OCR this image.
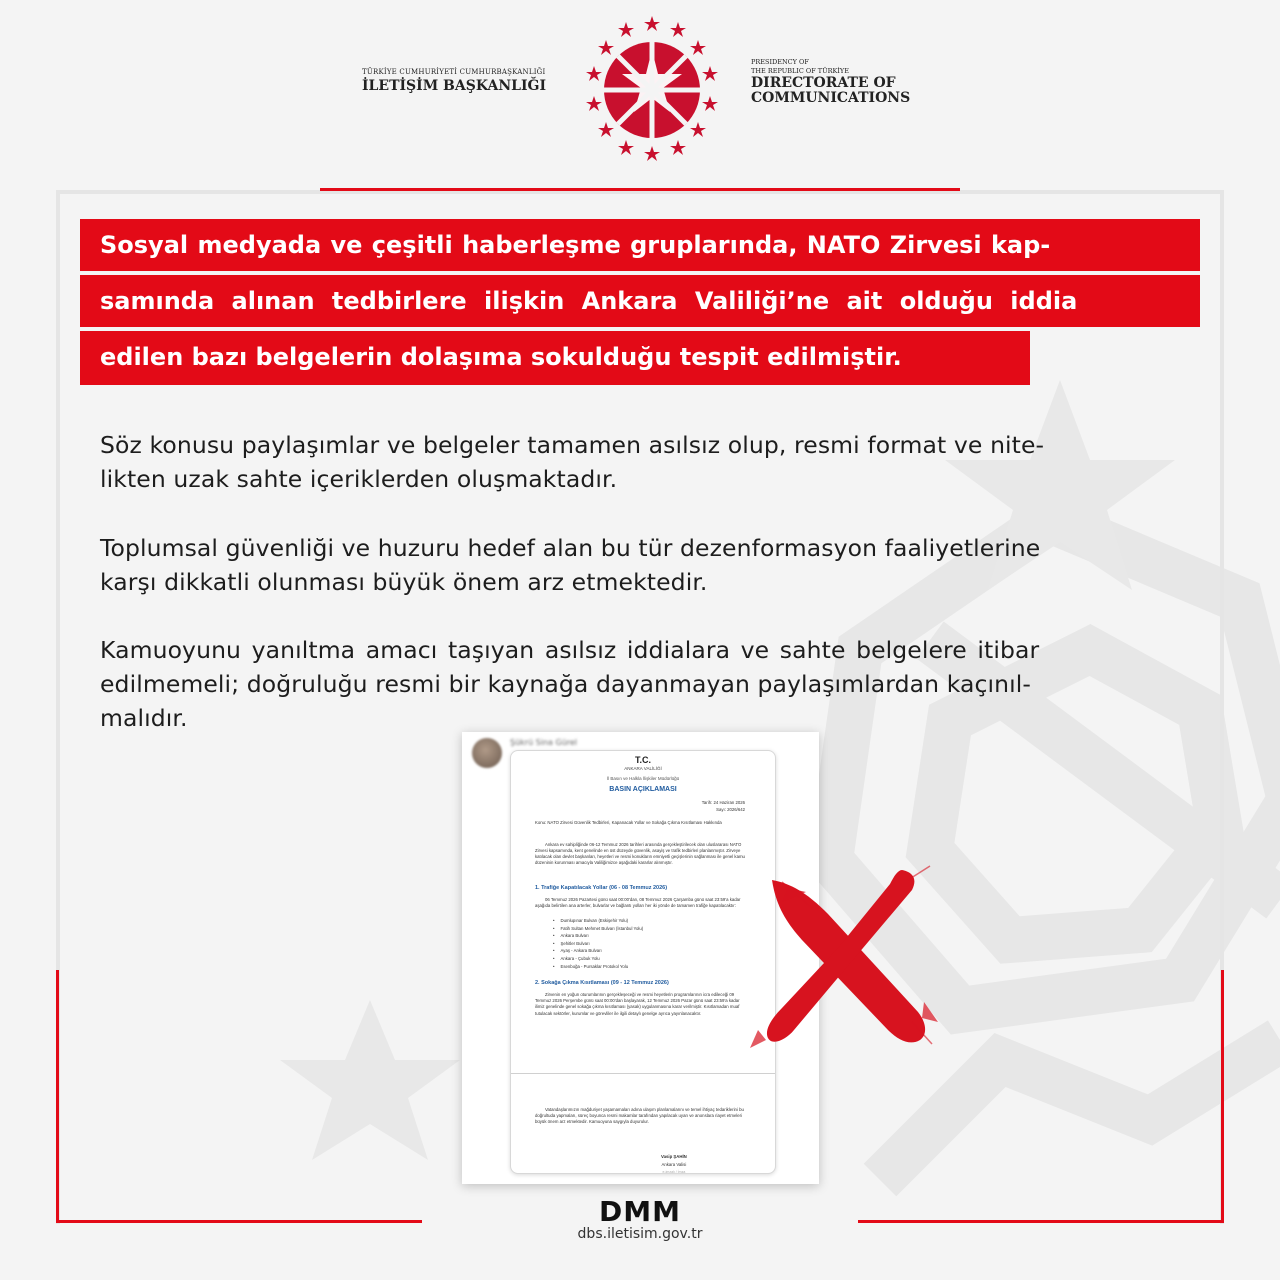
TÜRKİYE CUMHURİYETİ CUMHURBAŞKANLIĞI
İLETİŞİM BAŞKANLIĞI
PRESIDENCY OF
THE REPUBLIC OF TÜRKİYE
DIRECTORATE OF
COMMUNICATIONS
Sosyal medyada ve çeşitli haberleşme gruplarında, NATO Zirvesi kap-
samında alınan tedbirlere ilişkin Ankara Valiliği’ne ait olduğu iddia
edilen bazı belgelerin dolaşıma sokulduğu tespit edilmiştir.
Söz konusu paylaşımlar ve belgeler tamamen asılsız olup, resmi format ve nite-
likten uzak sahte içeriklerden oluşmaktadır.
Toplumsal güvenliği ve huzuru hedef alan bu tür dezenformasyon faaliyetlerine
karşı dikkatli olunması büyük önem arz etmektedir.
Kamuoyunu yanıltma amacı taşıyan asılsız iddialara ve sahte belgelere itibar
edilmemeli; doğruluğu resmi bir kaynağa dayanmayan paylaşımlardan kaçınıl-
malıdır.
Şükrü Sina Gürel
T.C.
ANKARA VALİLİĞİ
İl Basın ve Halkla İlişkiler Müdürlüğü
BASIN AÇIKLAMASI
Tarih: 24 Haziran 2026
Sayı: 2026/642
Konu: NATO Zirvesi Güvenlik Tedbirleri, Kapanacak Yollar ve Sokağa Çıkma Kısıtlaması Hakkında
Ankara ev sahipliğinde 06-12 Temmuz 2026 tarihleri arasında gerçekleştirilecek olan uluslararası NATO Zirvesi kapsamında, kent genelinde en üst düzeyde güvenlik, asayiş ve trafik tedbirleri planlanmıştır. Zirveye katılacak olan devlet başkanları, heyetleri ve resmi konukların emniyetli geçişlerinin sağlanması ile genel kamu düzeninin korunması amacıyla Valiliğimizce aşağıdaki kararlar alınmıştır.
1. Trafiğe Kapatılacak Yollar (06 - 08 Temmuz 2026)
06 Temmuz 2026 Pazartesi günü saat 00:00'dan, 08 Temmuz 2026 Çarşamba günü saat 23:59'a kadar aşağıda belirtilen ana arterler, bulvarlar ve bağlantı yolları her iki yönde de tamamen trafiğe kapatılacaktır:
• Dumlupınar Bulvarı (Eskişehir Yolu)
• Fatih Sultan Mehmet Bulvarı (İstanbul Yolu)
• Ankara Bulvarı
• Şehitler Bulvarı
• Ayaş - Ankara Bulvarı
• Ankara - Çubuk Yolu
• Esenboğa - Pursaklar Protokol Yolu
2. Sokağa Çıkma Kısıtlaması (09 - 12 Temmuz 2026)
Zirvenin en yoğun oturumlarının gerçekleşeceği ve resmi heyetlerin programlarının icra edileceği 09 Temmuz 2026 Perşembe günü saat 00:00'dan başlayarak, 12 Temmuz 2026 Pazar günü saat 23:59'a kadar ilimiz genelinde genel sokağa çıkma kısıtlaması (yasak) uygulanmasına karar verilmiştir. Kısıtlamadan muaf tutulacak sektörler, kurumlar ve görevliler ile ilgili detaylı genelge ayrıca yayınlanacaktır.
Vatandaşlarımızın mağduriyet yaşamamaları adına ulaşım planlamalarını ve temel ihtiyaç tedariklerini bu doğrultuda yapmaları, süreç boyunca resmi makamlar tarafından yapılacak uyarı ve anonslara riayet etmeleri büyük önem arz etmektedir. Kamuoyuna saygıyla duyurulur.
Vasip ŞAHİN
Ankara Valisi
e-imzalı / İmza
DMM
dbs.iletisim.gov.tr
